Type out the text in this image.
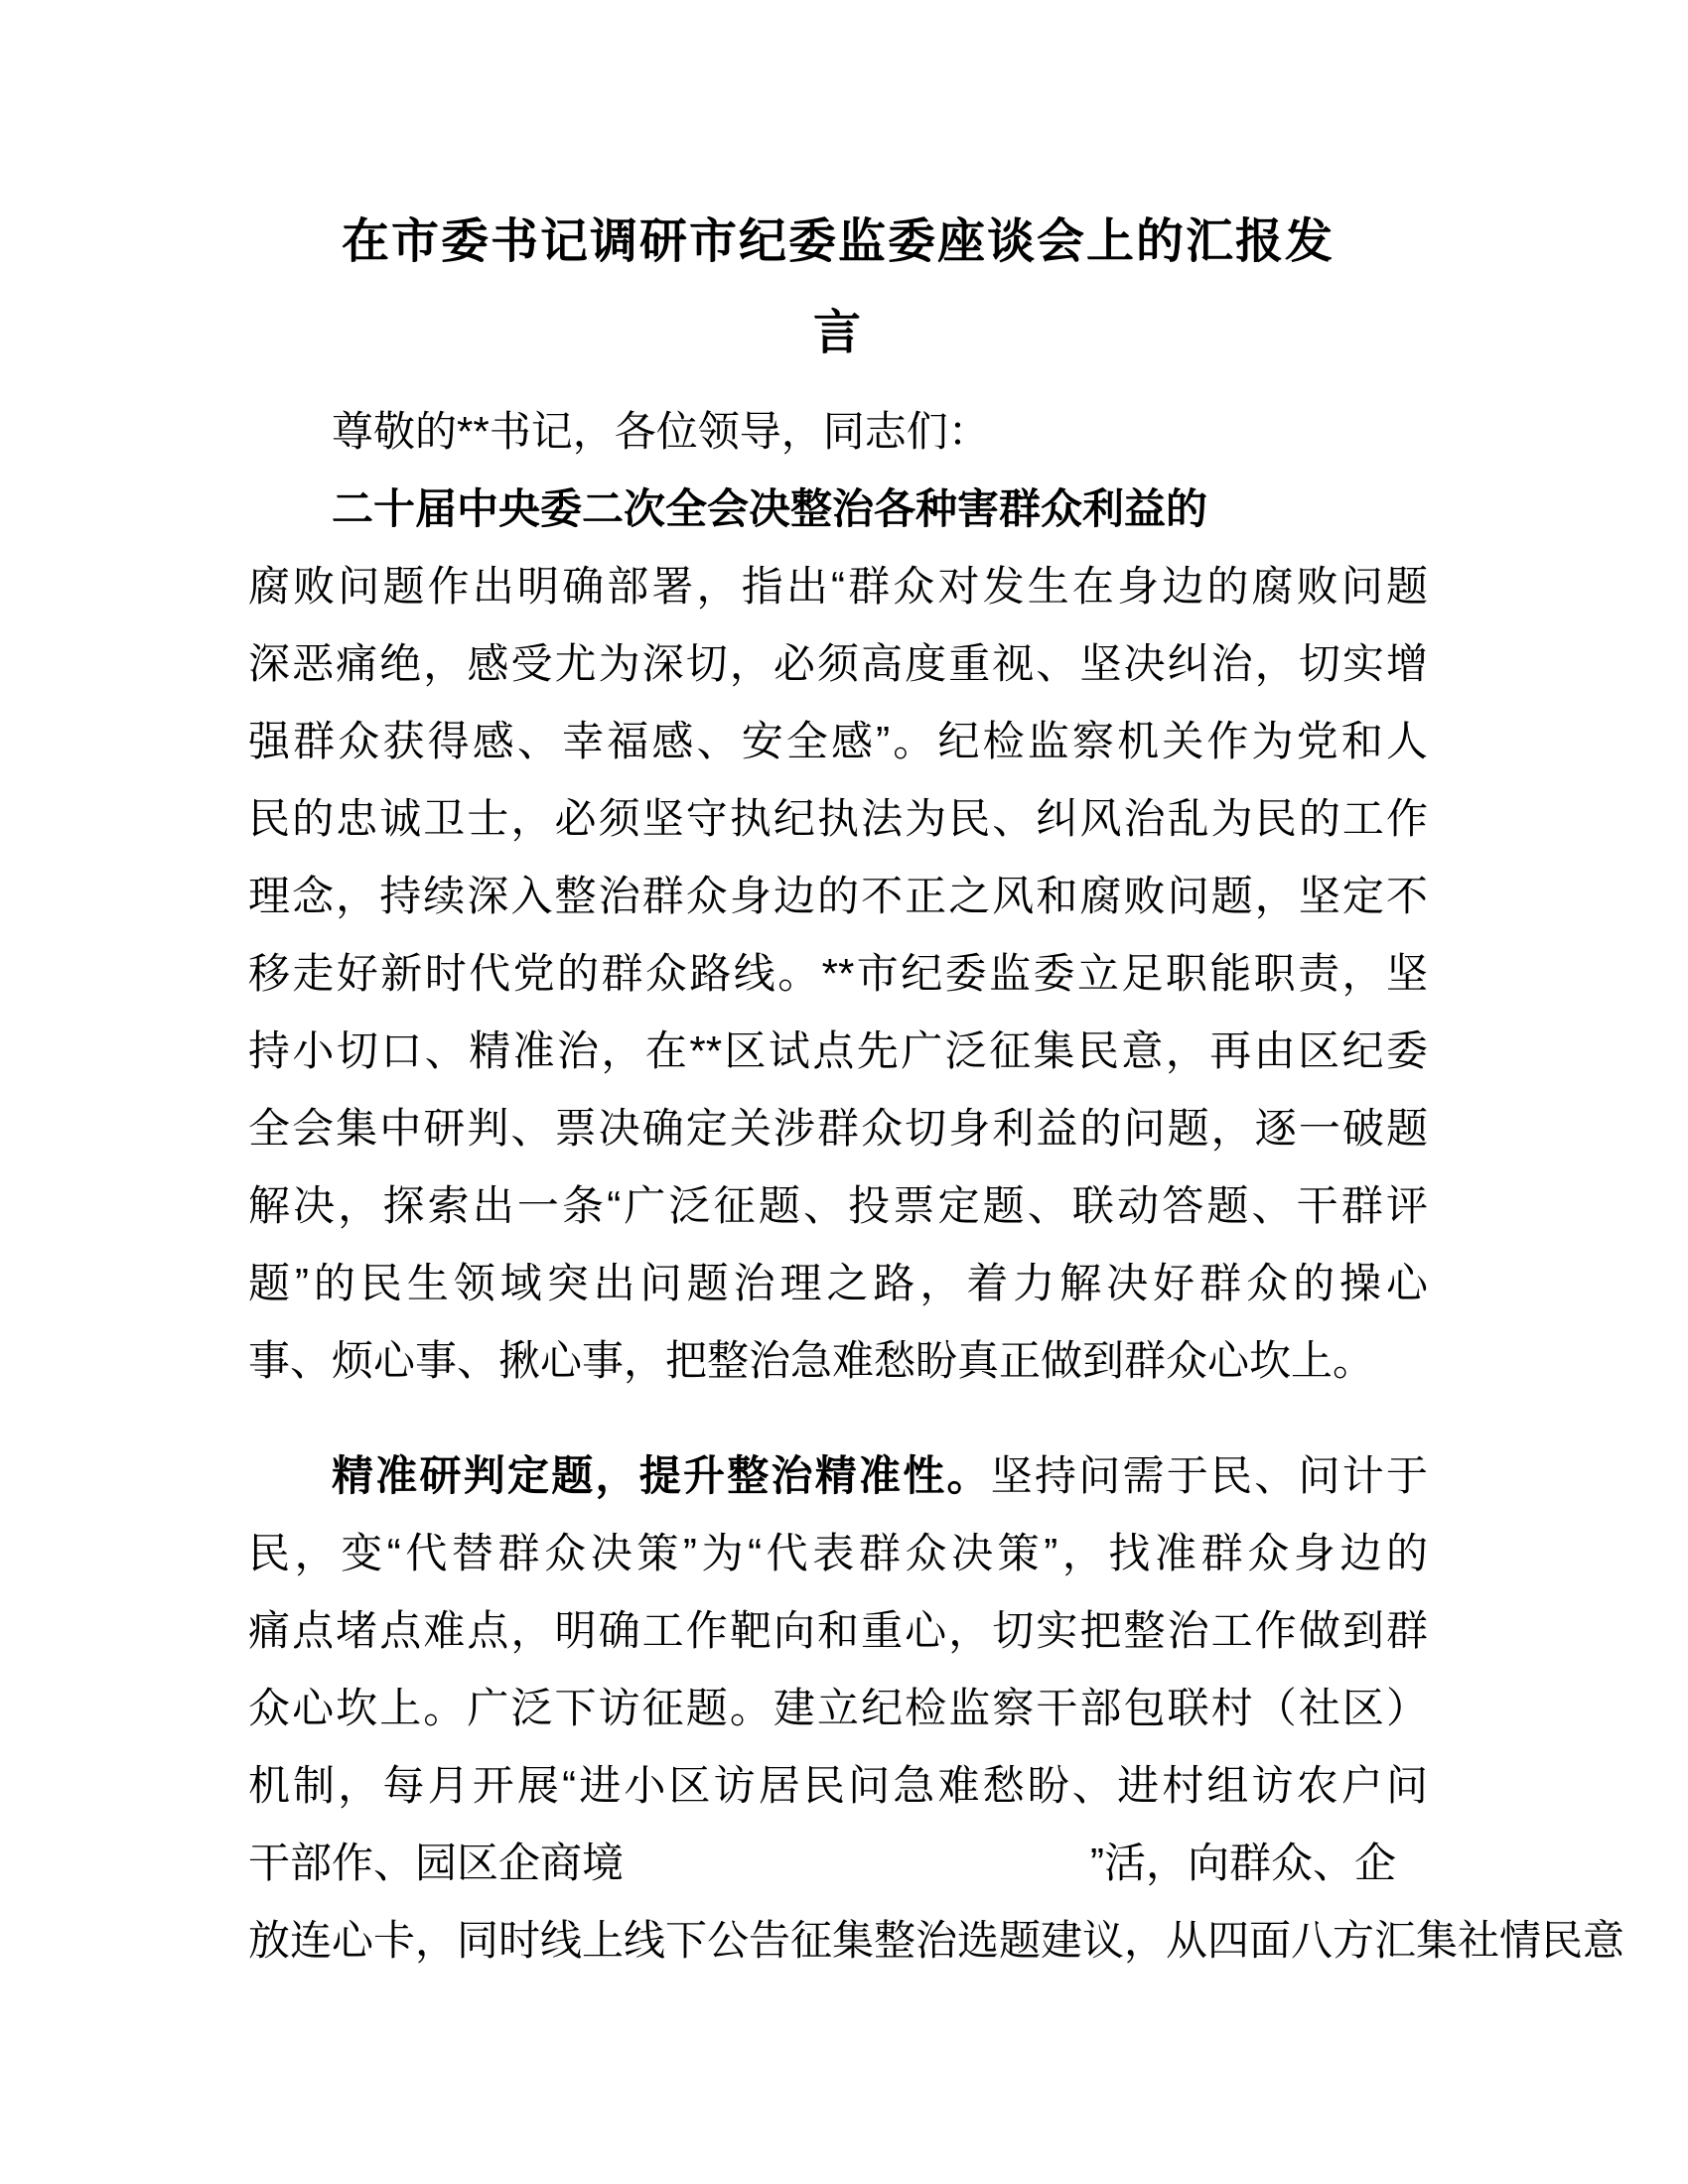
在市委书记调研市纪委监委座谈会上的汇报发
言
尊敬的**书记，各位领导，同志们：
二十届中央委二次全会决整治各种害群众利益的
腐败问题作出明确部署，指出“群众对发生在身边的腐败问题
深恶痛绝，感受尤为深切，必须高度重视、坚决纠治，切实增
强群众获得感、幸福感、安全感”。纪检监察机关作为党和人
民的忠诚卫士，必须坚守执纪执法为民、纠风治乱为民的工作
理念，持续深入整治群众身边的不正之风和腐败问题，坚定不
移走好新时代党的群众路线。**市纪委监委立足职能职责，坚
持小切口、精准治，在**区试点先广泛征集民意，再由区纪委
全会集中研判、票决确定关涉群众切身利益的问题，逐一破题
解决，探索出一条“广泛征题、投票定题、联动答题、干群评
题”的民生领域突出问题治理之路，着力解决好群众的操心
事、烦心事、揪心事，把整治急难愁盼真正做到群众心坎上。
精准研判定题，提升整治精准性。坚持问需于民、问计于
民，变“代替群众决策”为“代表群众决策”，找准群众身边的
痛点堵点难点，明确工作靶向和重心，切实把整治工作做到群
众心坎上。广泛下访征题。建立纪检监察干部包联村（社区）
机制，每月开展“进小区访居民问急难愁盼、进村组访农户问
干部作、园区企商境	”活，向群众、企
放连心卡，同时线上线下公告征集整治选题建议，从四面八方汇集社情民意
